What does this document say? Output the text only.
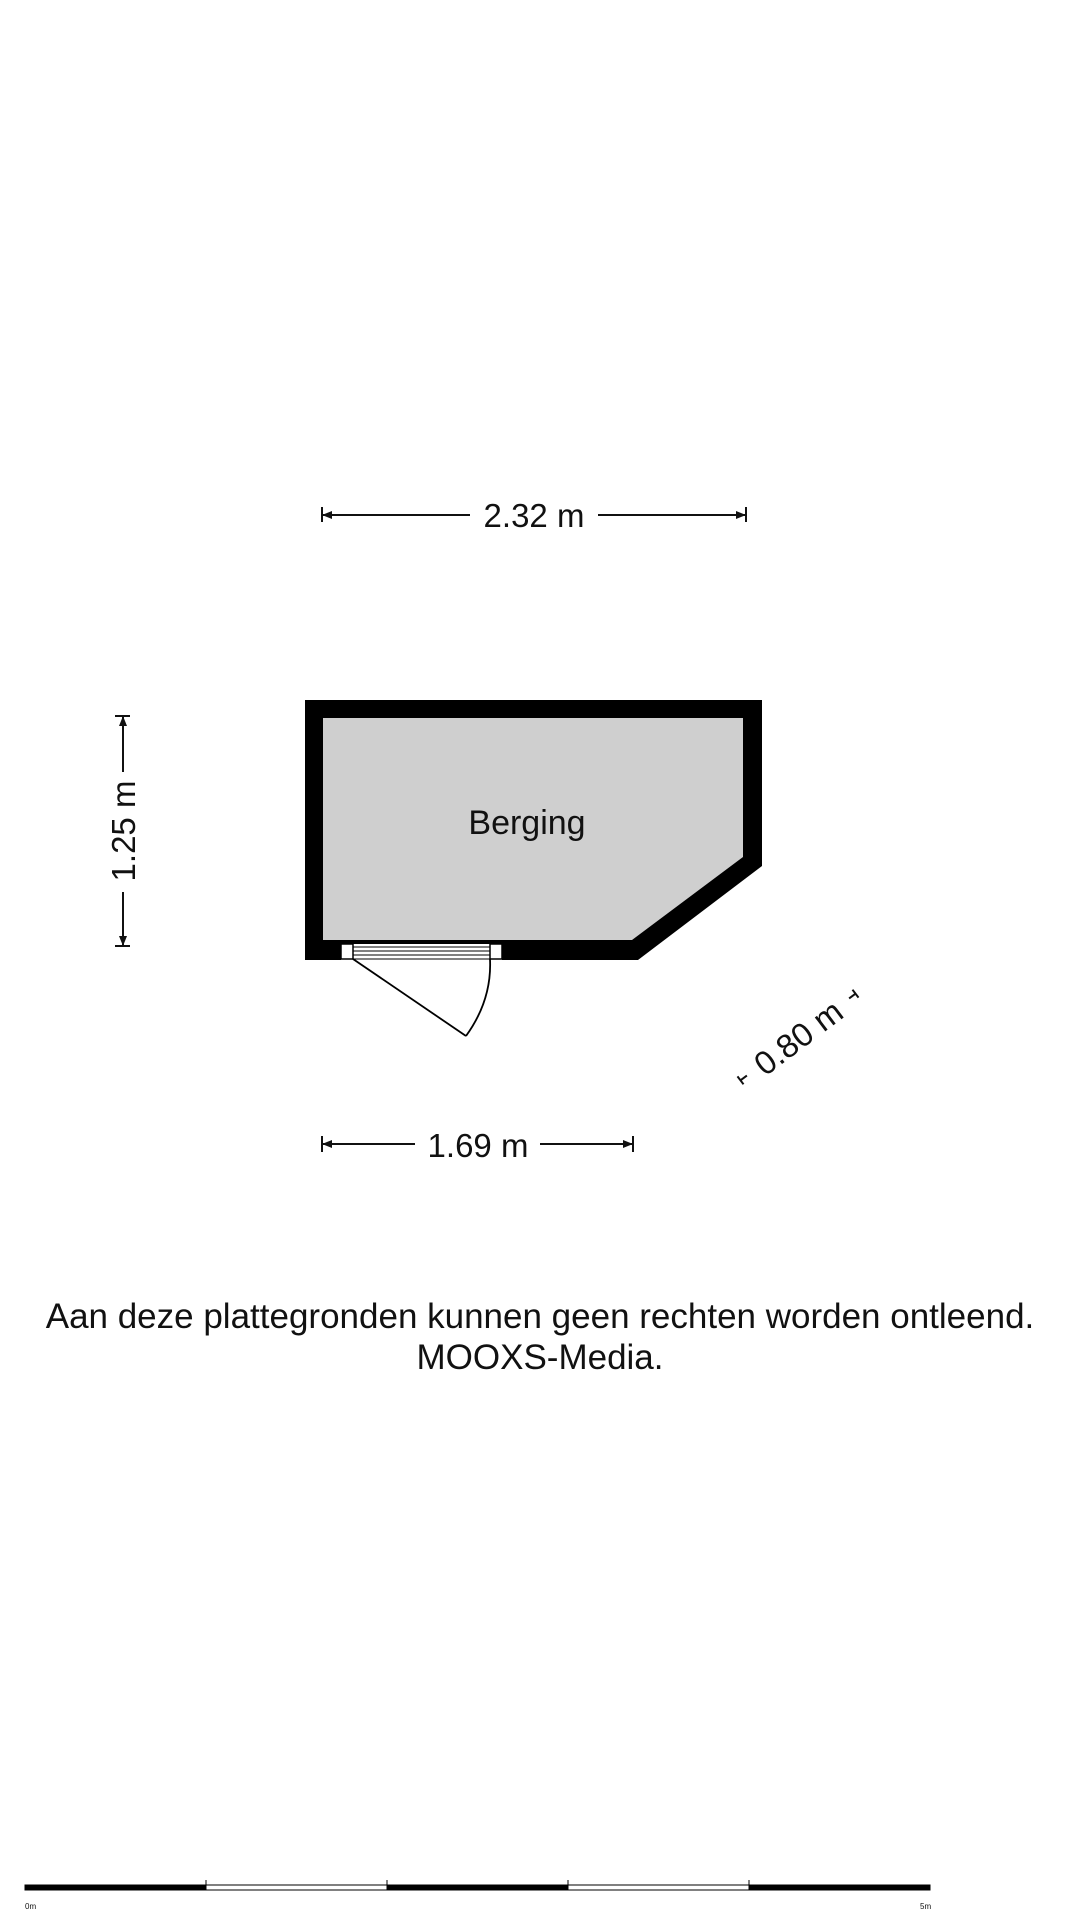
2.32 m
1.25 m	Berging
1.69 m
0.80 m
0m	5m
Aan deze plattegronden kunnen geen rechten worden ontleend.
MOOXS-Media.
